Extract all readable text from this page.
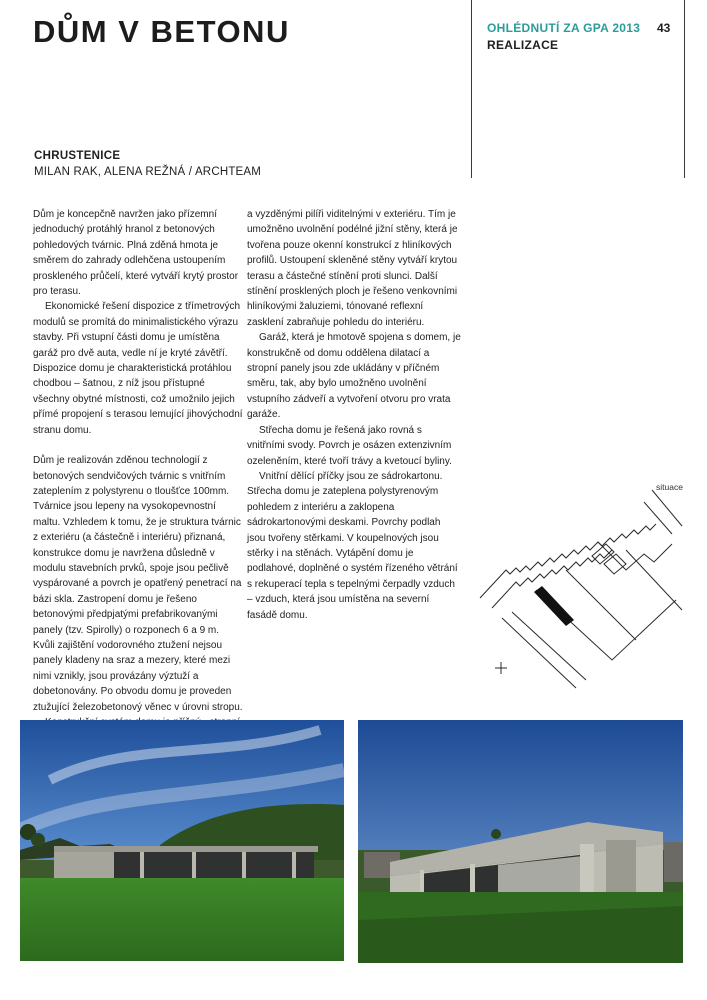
DŮM V BETONU	OHLÉDNUTÍ ZA GPA 2013	43
REALIZACE
CHRUSTENICE
MILAN RAK, ALENA REŽNÁ / ARCHTEAM

Dům je koncepčně navržen jako přízemní jednoduchý protáhlý hranol z betonových pohledových tvárnic. Plná zděná hmota je směrem do zahrady odlehčena ustoupením proskleného průčelí, které vytváří krytý prostor pro terasu.

Ekonomické řešení dispozice z třímetrových modulů se promítá do minimalistického výrazu stavby. Při vstupní části domu je umístěna garáž pro dvě auta, vedle ní je kryté závětří. Dispozice domu je charakteristická protáhlou chodbou – šatnou, z níž jsou přístupné všechny obytné místnosti, což umožnilo jejich přímé propojení s terasou lemující jihovýchodní stranu domu.

Dům je realizován zděnou technologií z betonových sendvičových tvárnic s vnitřním zateplením z polystyrenu o tloušťce 100mm. Tvárnice jsou lepeny na vysokopevnostní maltu. Vzhledem k tomu, že je struktura tvárnic z exteriéru (a částečně i interiéru) přiznaná, konstrukce domu je navržena důsledně v modulu stavebních prvků, spoje jsou pečlivě vyspárované a povrch je opatřený penetrací na bázi skla. Zastropení domu je řešeno betonovými předpjatými prefabrikovanými panely (tzv. Spirolly) o rozponech 6 a 9 m. Kvůli zajištění vodorovného ztužení nejsou panely kladeny na sraz a mezery, které mezi nimi vznikly, jsou provázány výztuží a dobetonovány. Po obvodu domu je proveden ztužující železobetonový věnec v úrovni stropu.

a vyzděnými pilíři viditelnými v exteriéru. Tím je umožněno uvolnění podélné jižní stěny, která je tvořena pouze okenní konstrukcí z hliníkových profilů. Ustoupení skleněné stěny vytváří krytou terasu a částečné stínění proti slunci. Další stínění prosklených ploch je řešeno venkovními hliníkovými žaluziemi, tónované reflexní zasklení zabraňuje pohledu do interiéru.

Garáž, která je hmotově spojena s domem, je konstrukčně od domu oddělena dilatací a stropní panely jsou zde ukládány v příčném směru, tak, aby bylo umožněno uvolnění vstupního zádveří a vytvoření otvoru pro vrata garáže.

Střecha domu je řešená jako rovná s vnitřními svody. Povrch je osázen extenzivním ozeleněním, které tvoří trávy a kvetoucí byliny.

Vnitřní dělící příčky jsou ze sádrokartonu. Střecha domu je zateplena polystyrenovým pohledem z interiéru a zaklopena sádrokartonovými deskami. Povrchy podlah jsou tvořeny stěrkami. V koupelnových jsou stěrky i na stěnách. Vytápění domu je podlahové, doplněné o systém řízeného větrání s rekuperací tepla s tepelnými čerpadly vzduch – vzduch, která jsou umístěna na severní fasádě domu.

situace
